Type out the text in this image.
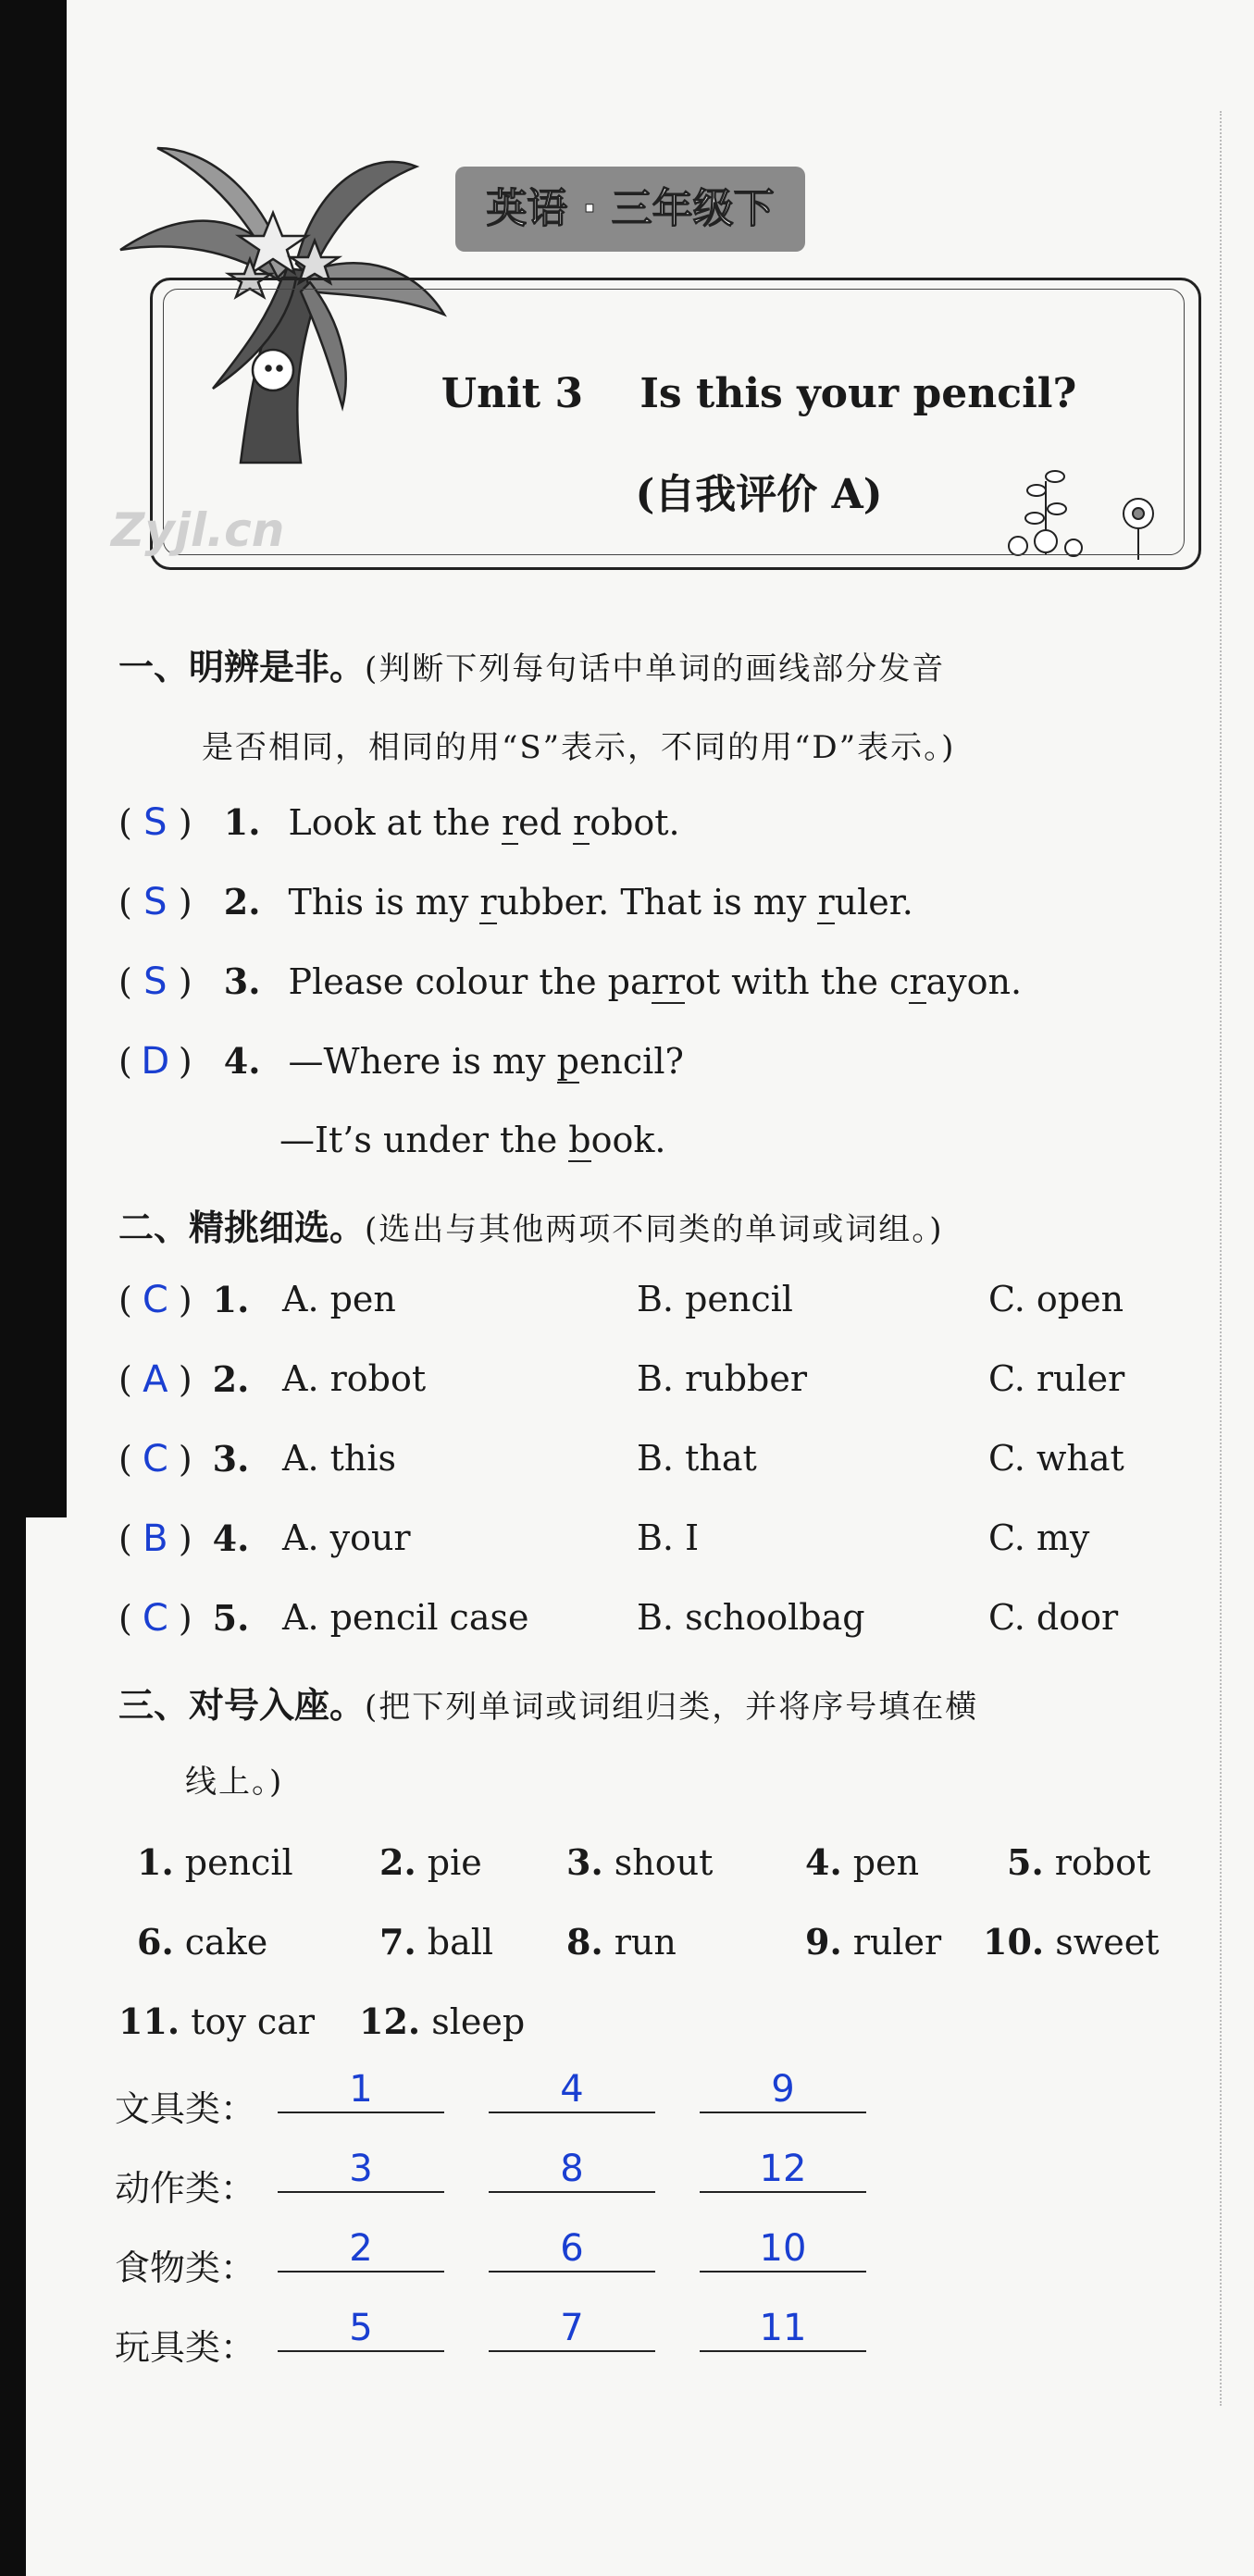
英语 · 三年级下
Unit 3    Is this your pencil?
(自我评价 A)
Zyjl.cn
一、明辨是非。(判断下列每句话中单词的画线部分发音
是否相同，相同的用“S”表示，不同的用“D”表示。)
( S ) 1. Look at the red robot.
( S ) 2. This is my rubber. That is my ruler.
( S ) 3. Please colour the parrot with the crayon.
( D ) 4. —Where is my pencil?
—It’s under the book.
二、精挑细选。(选出与其他两项不同类的单词或词组。)
( C ) 1. A. pen	B. pencil	C. open
( A ) 2. A. robot	B. rubber	C. ruler
( C ) 3. A. this	B. that	C. what
( B ) 4. A. your	B. I	C. my
( C ) 5. A. pencil case	B. schoolbag	C. door
三、对号入座。(把下列单词或词组归类，并将序号填在横
线上。)
1. pencil 2. pie 3. shout	4. pen 5. robot
6. cake	7. ball 8. run	9. ruler 10. sweet
11. toy car 12. sleep
文具类：	1	4	9
动作类：	3	8	12
食物类：	2	6	10
玩具类：	5	7	11
